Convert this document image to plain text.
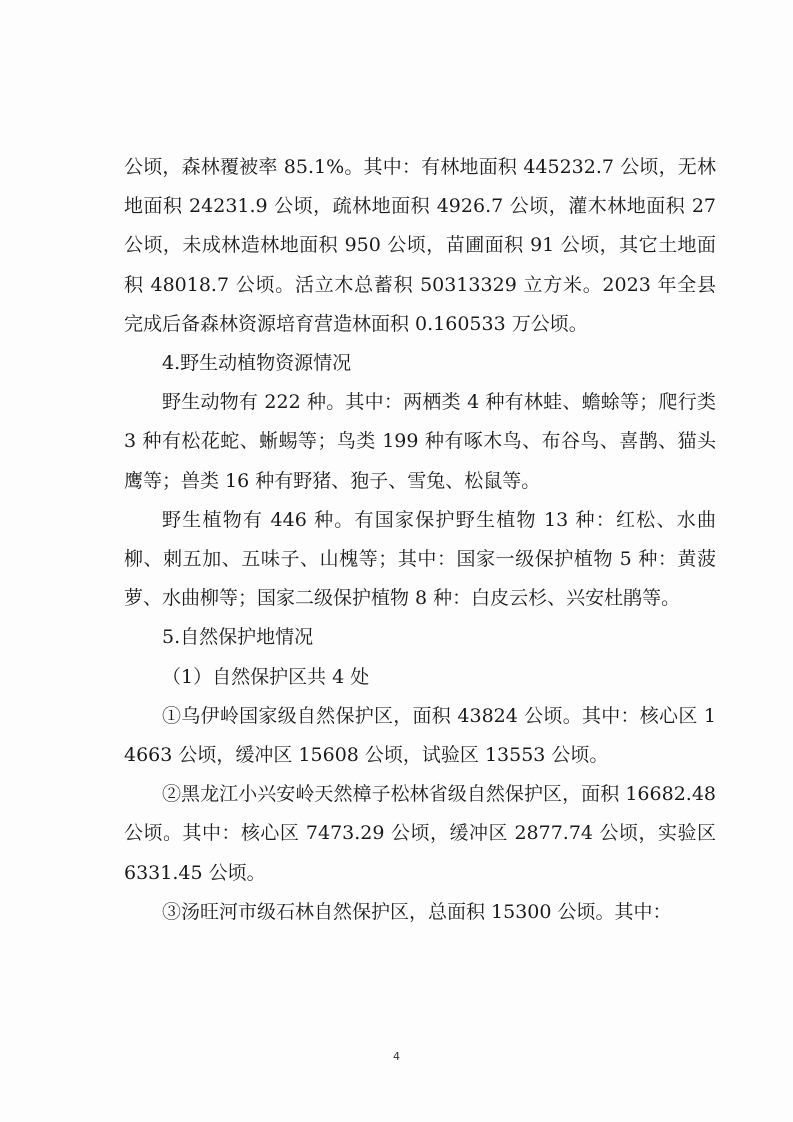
公顷，森林覆被率 85.1%。其中：有林地面积 445232.7 公顷，无林地面积 24231.9 公顷，疏林地面积 4926.7 公顷，灌木林地面积 27 公顷，未成林造林地面积 950 公顷，苗圃面积 91 公顷，其它土地面积 48018.7 公顷。活立木总蓄积 50313329 立方米。2023 年全县完成后备森林资源培育营造林面积 0.160533 万公顷。

4.野生动植物资源情况

野生动物有 222 种。其中：两栖类 4 种有林蛙、蟾蜍等；爬行类 3 种有松花蛇、蜥蜴等；鸟类 199 种有啄木鸟、布谷鸟、喜鹊、猫头鹰等；兽类 16 种有野猪、狍子、雪兔、松鼠等。

野生植物有 446 种。有国家保护野生植物 13 种：红松、水曲柳、刺五加、五味子、山槐等；其中：国家一级保护植物 5 种：黄菠萝、水曲柳等；国家二级保护植物 8 种：白皮云杉、兴安杜鹃等。

5.自然保护地情况

（1）自然保护区共 4 处

①乌伊岭国家级自然保护区，面积 43824 公顷。其中：核心区 14663 公顷，缓冲区 15608 公顷，试验区 13553 公顷。

②黑龙江小兴安岭天然樟子松林省级自然保护区，面积 16682.48 公顷。其中：核心区 7473.29 公顷，缓冲区 2877.74 公顷，实验区 6331.45 公顷。

③汤旺河市级石林自然保护区，总面积 15300 公顷。其中：

4
